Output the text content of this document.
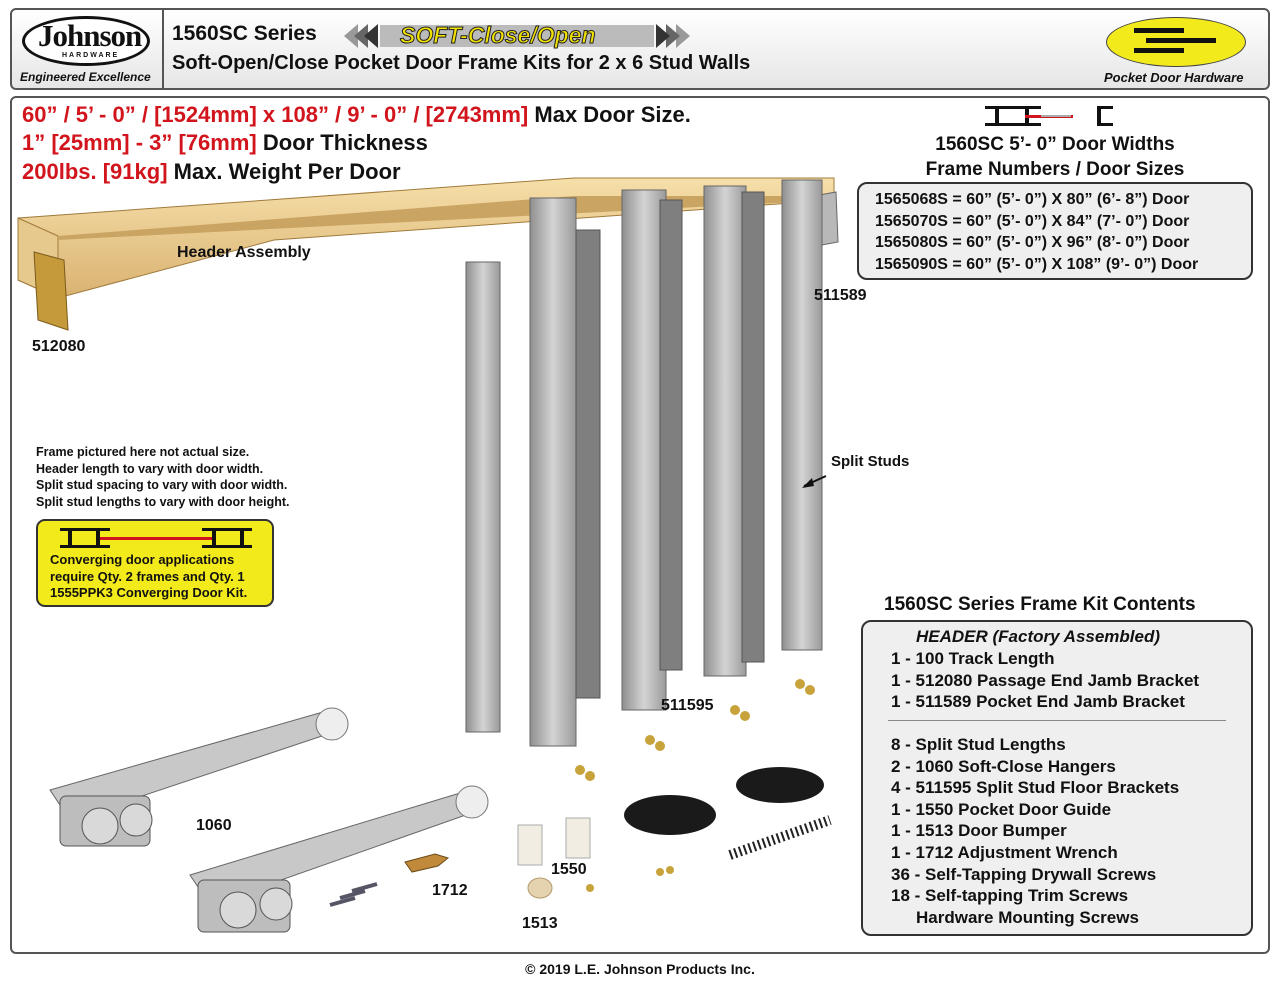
Johnson
HARDWARE
Engineered Excellence
1560SC Series	SOFT-Close/Open
Soft-Open/Close Pocket Door Frame Kits for 2 x 6 Stud Walls
Pocket Door Hardware
60” / 5’ - 0” / [1524mm] x 108” / 9’ - 0” / [2743mm] Max Door Size.
1” [25mm] - 3” [76mm] Door Thickness
200lbs. [91kg] Max. Weight Per Door
1560SC 5’- 0” Door Widths
Frame Numbers / Door Sizes
1565068S = 60” (5’- 0”) X 80” (6’- 8”) Door
1565070S = 60” (5’- 0”) X 84” (7’- 0”) Door
1565080S = 60” (5’- 0”) X 96” (8’- 0”) Door
1565090S = 60” (5’- 0”) X 108” (9’- 0”) Door
Header Assembly
512080
511589
Split Studs
511595
Frame pictured here not actual size.
Header length to vary with door width.
Split stud spacing to vary with door width.
Split stud lengths to vary with door height.
Converging door applications
require Qty. 2 frames and Qty. 1
1555PPK3 Converging Door Kit.
1060
1712
1550
1513
1560SC Series Frame Kit Contents
HEADER (Factory Assembled)
1 - 100 Track Length
1 - 512080 Passage End Jamb Bracket
1 - 511589 Pocket End Jamb Bracket
8 - Split Stud Lengths
2 - 1060 Soft-Close Hangers
4 - 511595 Split Stud Floor Brackets
1 - 1550 Pocket Door Guide
1 - 1513 Door Bumper
1 - 1712 Adjustment Wrench
36 - Self-Tapping Drywall Screws
18 - Self-tapping Trim Screws
Hardware Mounting Screws
© 2019 L.E. Johnson Products Inc.
